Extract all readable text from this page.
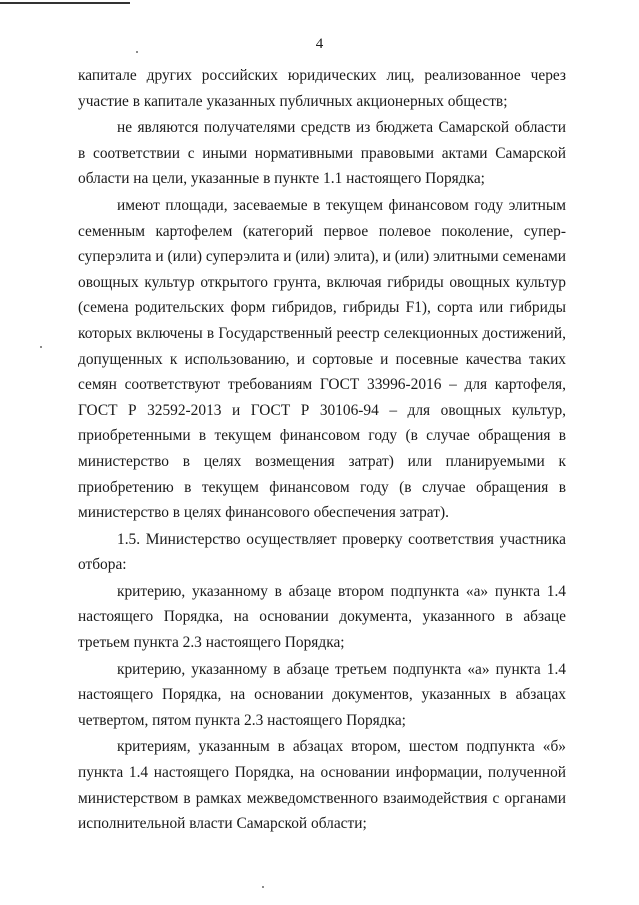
4

капитале других российских юридических лиц, реализованное через участие в капитале указанных публичных акционерных обществ;

не являются получателями средств из бюджета Самарской области в соответствии с иными нормативными правовыми актами Самарской области на цели, указанные в пункте 1.1 настоящего Порядка;

имеют площади, засеваемые в текущем финансовом году элитным семенным картофелем (категорий первое полевое поколение, супер-суперэлита и (или) суперэлита и (или) элита), и (или) элитными семенами овощных культур открытого грунта, включая гибриды овощных культур (семена родительских форм гибридов, гибриды F1), сорта или гибриды которых включены в Государственный реестр селекционных достижений, допущенных к использованию, и сортовые и посевные качества таких семян соответствуют требованиям ГОСТ 33996-2016 – для картофеля, ГОСТ Р 32592-2013 и ГОСТ Р 30106-94 – для овощных культур, приобретенными в текущем финансовом году (в случае обращения в министерство в целях возмещения затрат) или планируемыми к приобретению в текущем финансовом году (в случае обращения в министерство в целях финансового обеспечения затрат).

1.5. Министерство осуществляет проверку соответствия участника отбора:

критерию, указанному в абзаце втором подпункта «а» пункта 1.4 настоящего Порядка, на основании документа, указанного в абзаце третьем пункта 2.3 настоящего Порядка;

критерию, указанному в абзаце третьем подпункта «а» пункта 1.4 настоящего Порядка, на основании документов, указанных в абзацах четвертом, пятом пункта 2.3 настоящего Порядка;

критериям, указанным в абзацах втором, шестом подпункта «б» пункта 1.4 настоящего Порядка, на основании информации, полученной министерством в рамках межведомственного взаимодействия с органами исполнительной власти Самарской области;
